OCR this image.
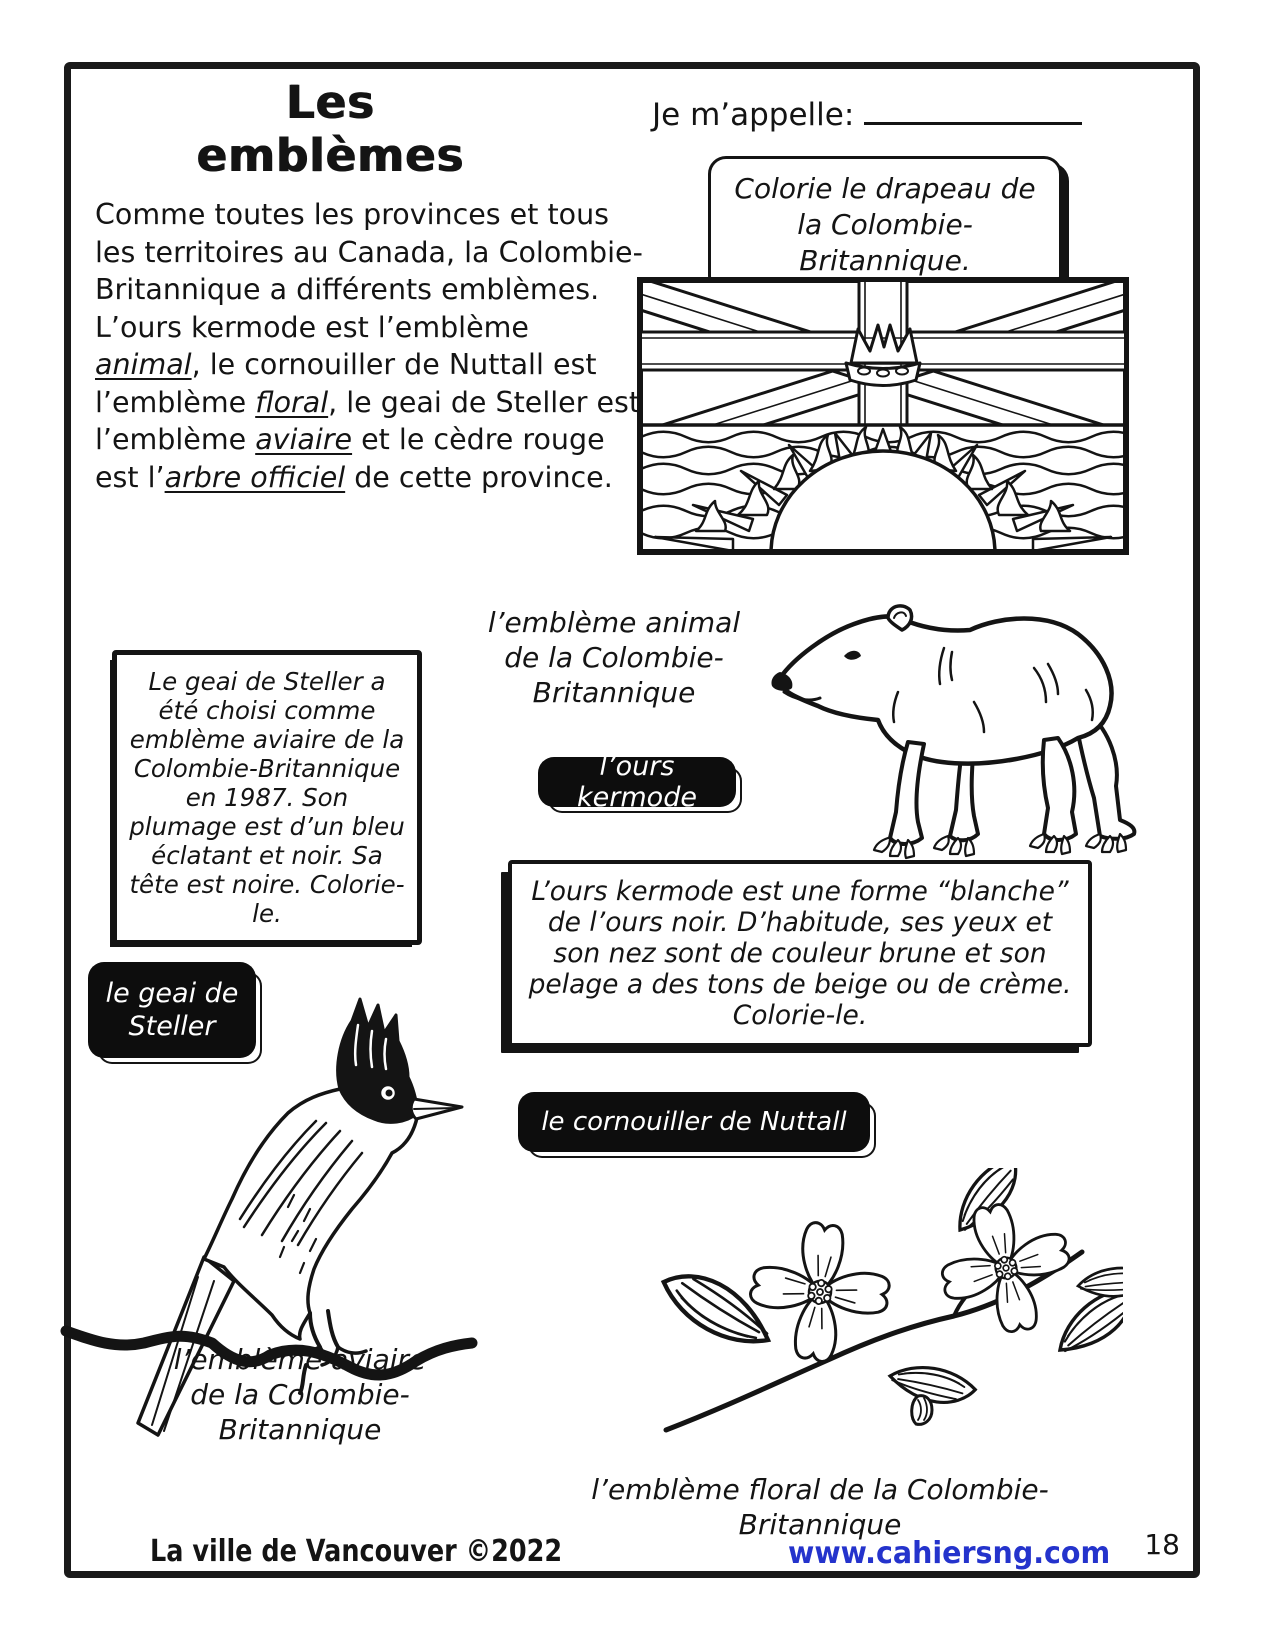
Les emblèmes
Je m’appelle:
Colorie le drapeau de la Colombie-Britannique.
Comme toutes les provinces et tous les territoires au Canada, la Colombie-Britannique a différents emblèmes. L’ours kermode est l’emblème animal, le cornouiller de Nuttall est l’emblème floral, le geai de Steller est l’emblème aviaire et le cèdre rouge est l’arbre officiel de cette province.
l’emblème animal de la Colombie-Britannique
Le geai de Steller a été choisi comme emblème aviaire de la Colombie-Britannique en 1987. Son plumage est d’un bleu éclatant et noir. Sa tête est noire. Colorie-le.
l’ours kermode
L’ours kermode est une forme “blanche” de l’ours noir. D’habitude, ses yeux et son nez sont de couleur brune et son pelage a des tons de beige ou de crème. Colorie-le.
le geai de Steller
le cornouiller de Nuttall
l’emblème aviaire de la Colombie-Britannique
l’emblème floral de la Colombie-Britannique
La ville de Vancouver ©2022	www.cahiersng.com	18
